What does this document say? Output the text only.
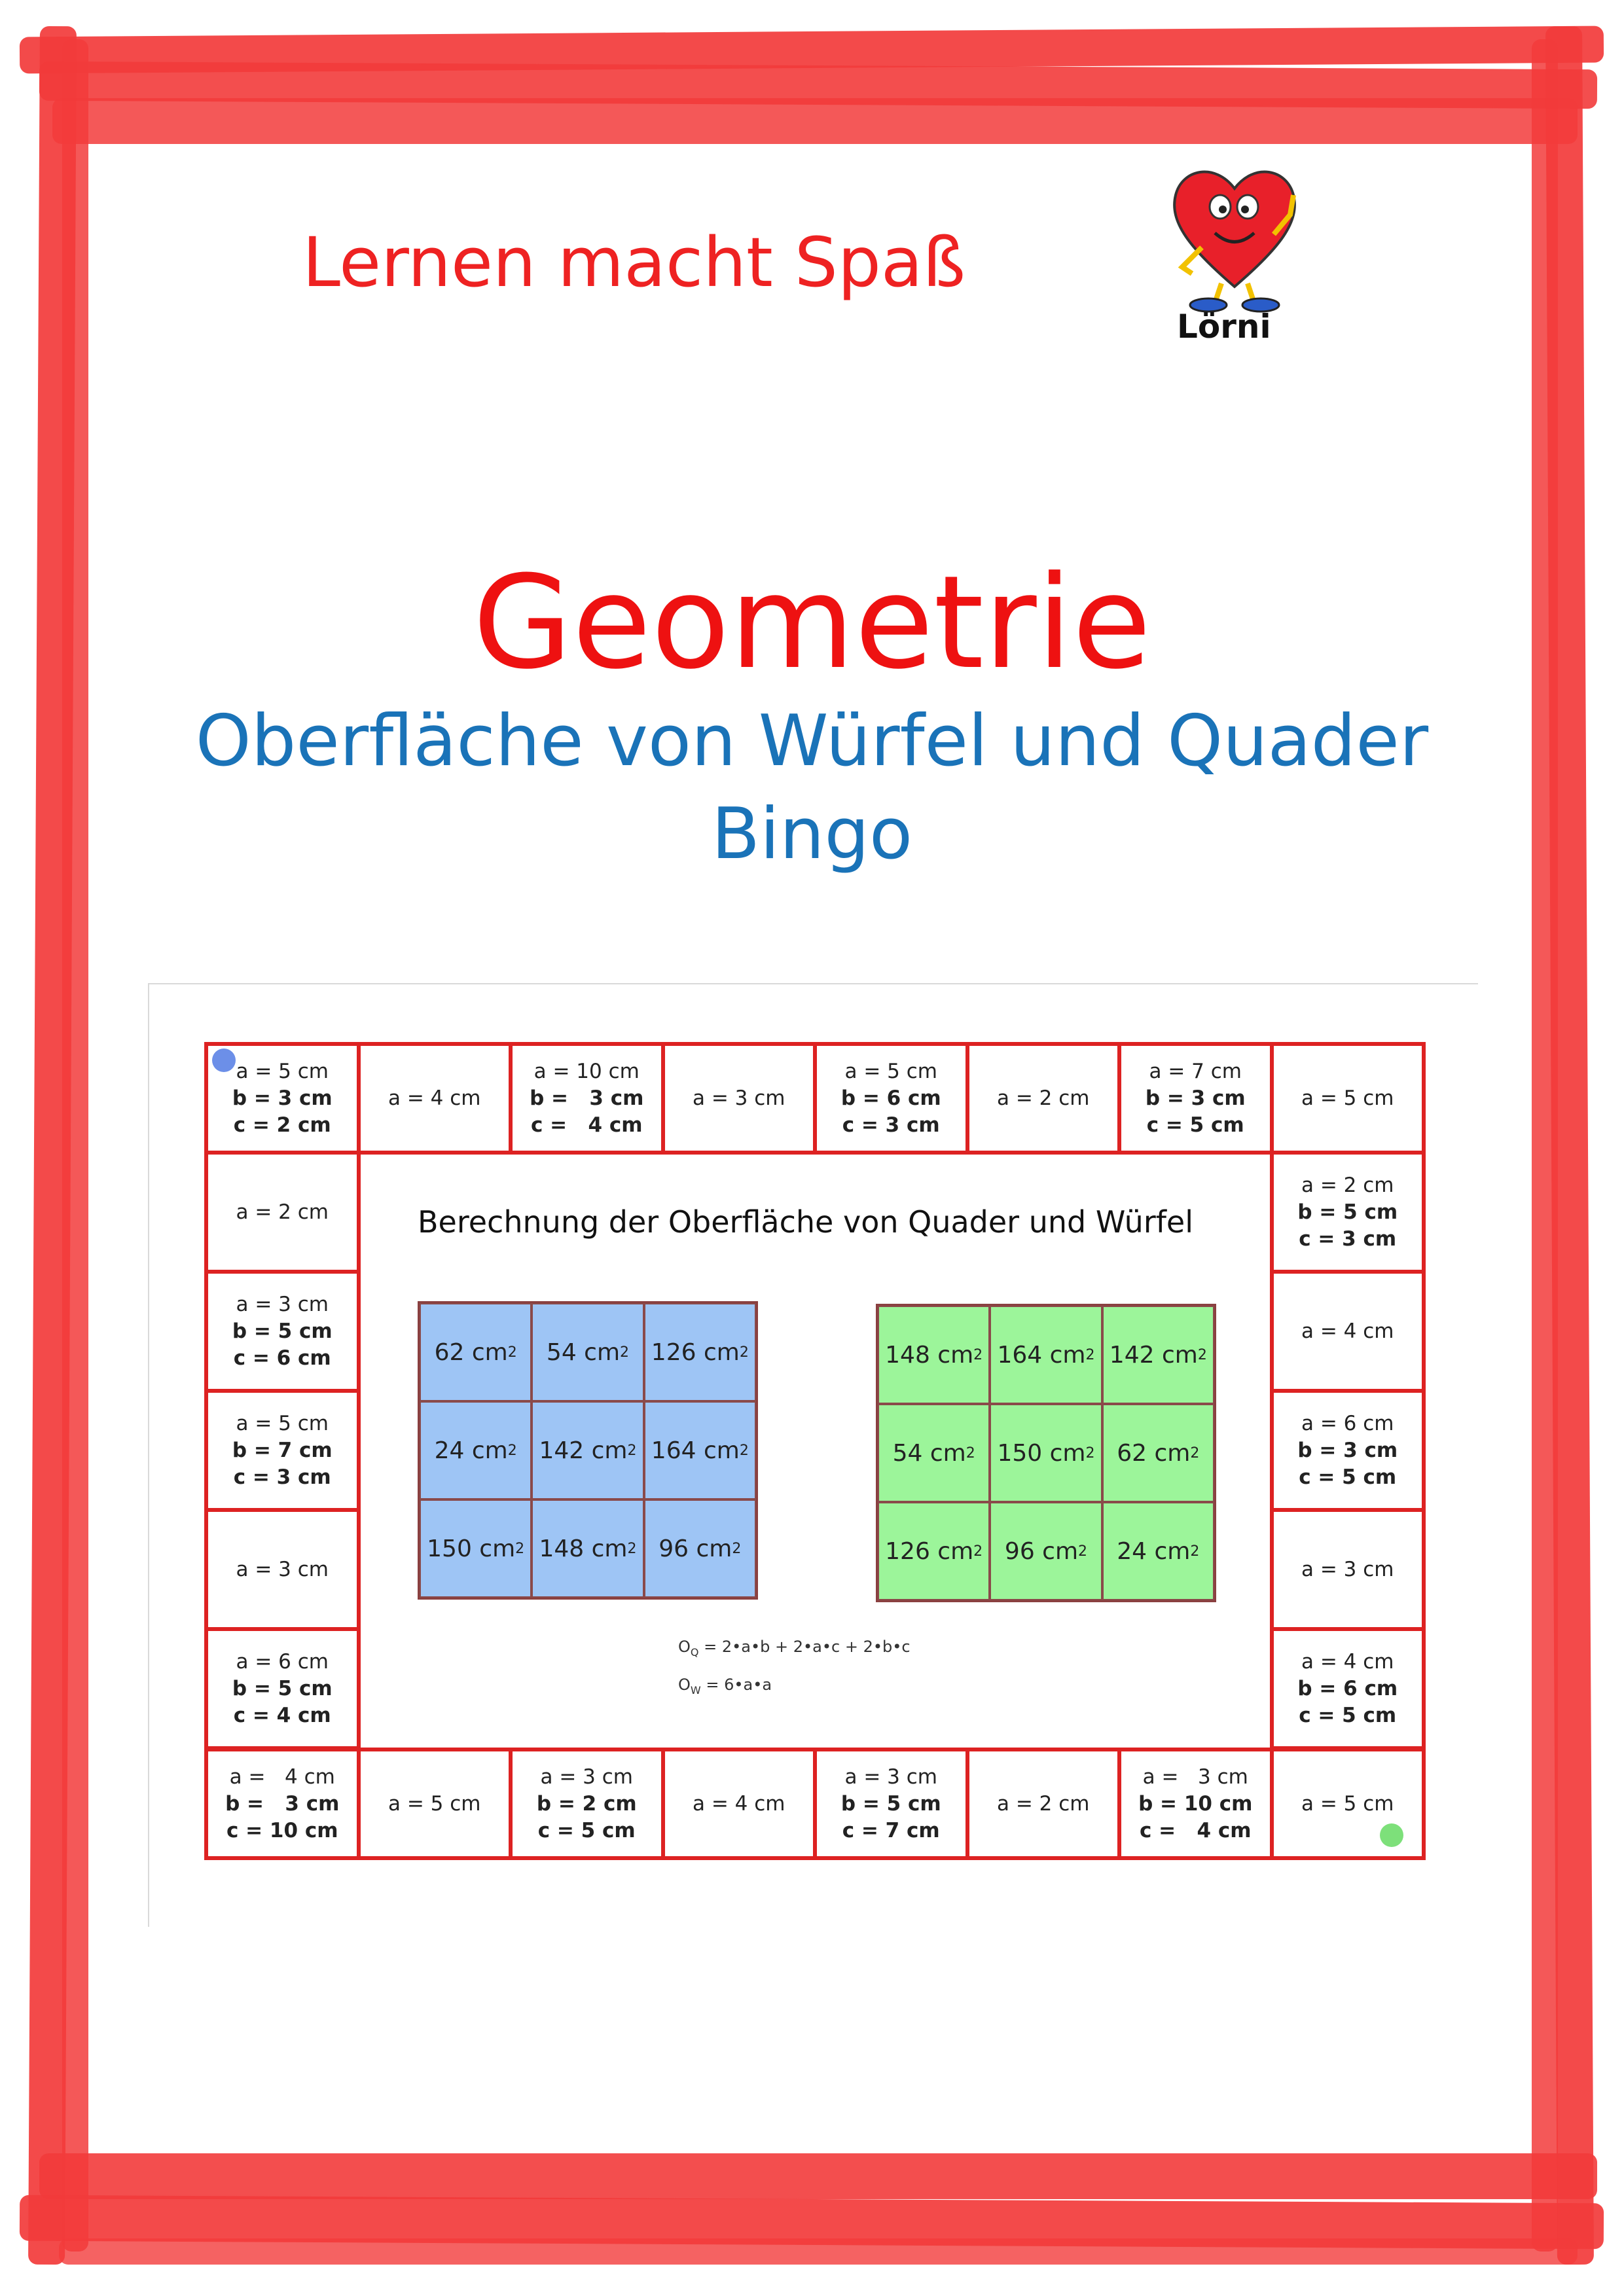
Lernen macht Spaß
Lörni
Geometrie
Oberfläche von Würfel und Quader
Bingo
a = 5 cm
b = 3 cm
c = 2 cm
a = 4 cm
a = 10 cm
b =   3 cm
c =   4 cm
a = 3 cm
a = 5 cm
b = 6 cm
c = 3 cm
a = 2 cm
a = 7 cm
b = 3 cm
c = 5 cm
a = 5 cm
a =   4 cm
b =   3 cm
c = 10 cm
a = 5 cm
a = 3 cm
b = 2 cm
c = 5 cm
a = 4 cm
a = 3 cm
b = 5 cm
c = 7 cm
a = 2 cm
a =   3 cm
b = 10 cm
c =   4 cm
a = 5 cm
a = 2 cm
a = 3 cm
b = 5 cm
c = 6 cm
a = 5 cm
b = 7 cm
c = 3 cm
a = 3 cm
a = 6 cm
b = 5 cm
c = 4 cm
a = 2 cm
b = 5 cm
c = 3 cm
a = 4 cm
a = 6 cm
b = 3 cm
c = 5 cm
a = 3 cm
a = 4 cm
b = 6 cm
c = 5 cm
Berechnung der Oberfläche von Quader und Würfel
62 cm 2 54 cm 2 126 cm 2
24 cm 2 142 cm 2 164 cm 2
150 cm 2 148 cm 2 96 cm 2
148 cm 2 164 cm 2 142 cm 2
54 cm 2 150 cm 2 62 cm 2
126 cm 2 96 cm 2 24 cm 2
$O_Q$ = 2•a•b + 2•a•c + 2•b•c
$O_W$ = 6•a•a
